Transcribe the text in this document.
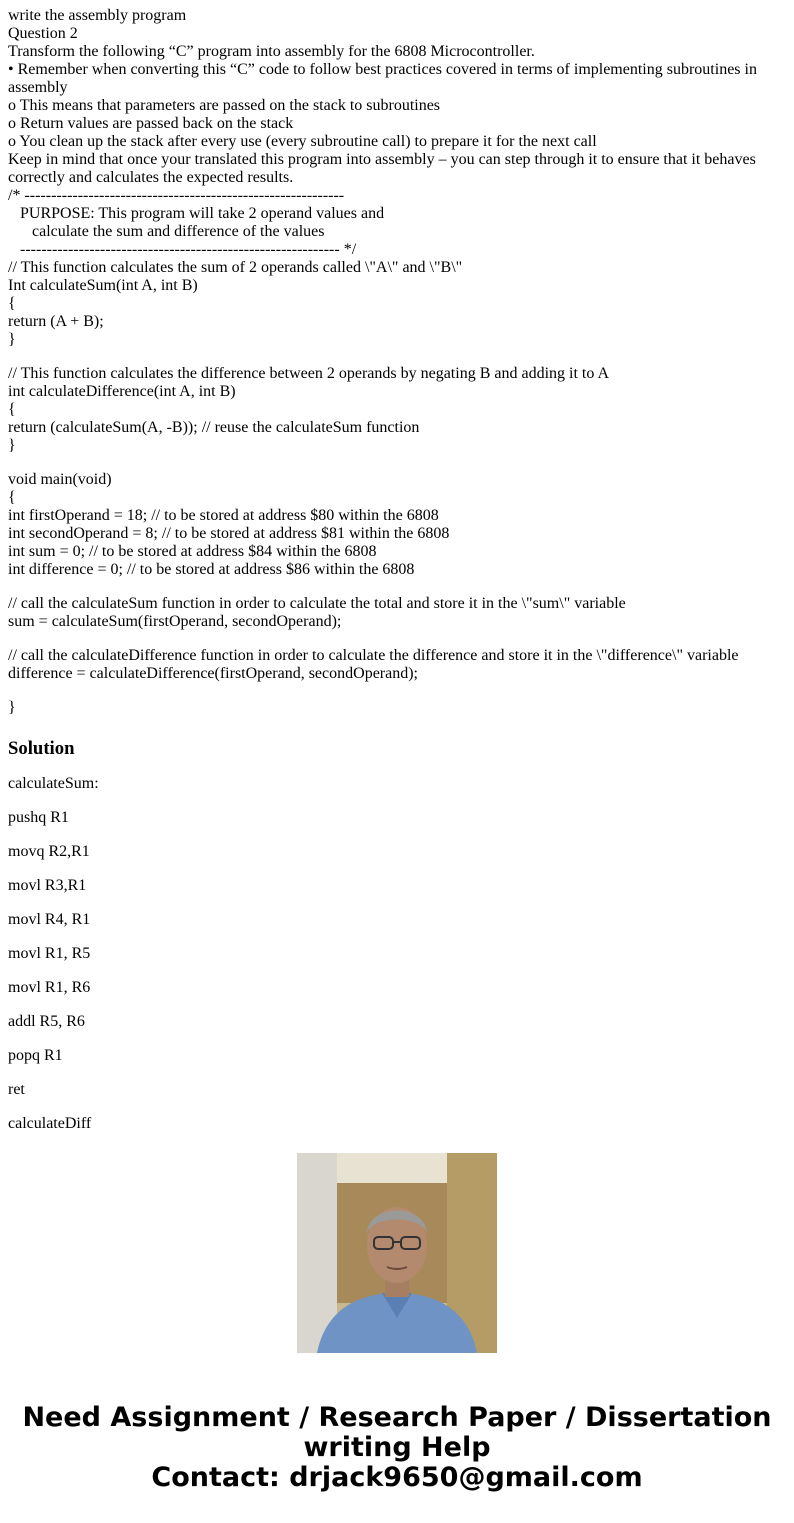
write the assembly program
Question 2
Transform the following “C” program into assembly for the 6808 Microcontroller.
• Remember when converting this “C” code to follow best practices covered in terms of implementing subroutines in assembly
o This means that parameters are passed on the stack to subroutines
o Return values are passed back on the stack
o You clean up the stack after every use (every subroutine call) to prepare it for the next call
Keep in mind that once your translated this program into assembly – you can step through it to ensure that it behaves correctly and calculates the expected results.
/* ------------------------------------------------------------
PURPOSE: This program will take 2 operand values and
calculate the sum and difference of the values
------------------------------------------------------------ */
// This function calculates the sum of 2 operands called \"A\" and \"B\"
Int calculateSum(int A, int B)
{
return (A + B);
}
// This function calculates the difference between 2 operands by negating B and adding it to A
int calculateDifference(int A, int B)
{
return (calculateSum(A, -B)); // reuse the calculateSum function
}
void main(void)
{
int firstOperand = 18; // to be stored at address $80 within the 6808
int secondOperand = 8; // to be stored at address $81 within the 6808
int sum = 0; // to be stored at address $84 within the 6808
int difference = 0; // to be stored at address $86 within the 6808
// call the calculateSum function in order to calculate the total and store it in the \"sum\" variable
sum = calculateSum(firstOperand, secondOperand);
// call the calculateDifference function in order to calculate the difference and store it in the \"difference\" variable
difference = calculateDifference(firstOperand, secondOperand);
}
Solution
calculateSum:
pushq R1
movq R2,R1
movl R3,R1
movl R4, R1
movl R1, R5
movl R1, R6
addl R5, R6
popq R1
ret
calculateDiff
Need Assignment / Research Paper / Dissertation
writing Help
Contact: drjack9650@gmail.com
